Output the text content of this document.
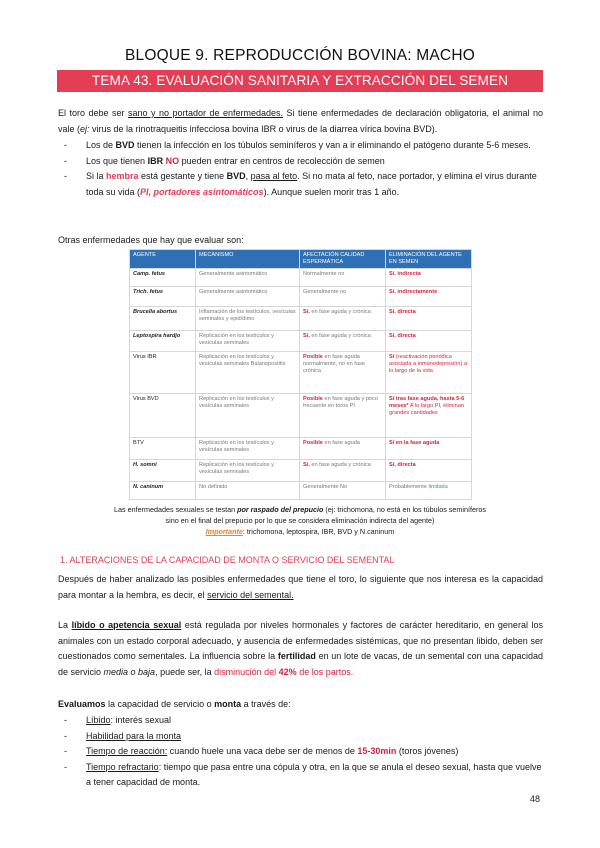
BLOQUE 9. REPRODUCCIÓN BOVINA: MACHO
TEMA 43. EVALUACIÓN SANITARIA Y EXTRACCIÓN DEL SEMEN
El toro debe ser sano y no portador de enfermedades. Si tiene enfermedades de declaración obligatoria, el animal no vale (ej: virus de la rinotraqueitis infecciosa bovina IBR o virus de la diarrea vírica bovina BVD).
- Los de BVD tienen la infección en los túbulos seminíferos y van a ir eliminando el patógeno durante 5-6 meses.
- Los que tienen IBR NO pueden entrar en centros de recolección de semen
- Si la hembra está gestante y tiene BVD, pasa al feto. Si no mata al feto, nace portador, y elimina el virus durante toda su vida (PI, portadores asintomáticos). Aunque suelen morir tras 1 año.
Otras enfermedades que hay que evaluar son:
AGENTE	MECANISMO	AFECTACIÓN CALIDAD ESPERMÁTICA	ELIMINACIÓN DEL AGENTE EN SEMEN
Camp. fetus	Generalmente asintomático	Normalmente no	Sí, indirecta
Trich. fetus	Generalmente asintomático	Generalmente no	Sí, indirectamente
Brucella abortus	Inflamación de los testículos, vesículas seminales y epidídimo	Sí, en fase aguda y crónica	Sí, directa
Leptospira hardjo	Replicación en los testículos y vesículas seminales	Sí, en fase aguda y crónica	Sí, directa
Virus IBR	Replicación en los testículos y vesículas seminales Balanopostitis	Posible en fase aguda normalmente, no en fase crónica	Sí (reactivación periódica asociada a inmunodepresión) a lo largo de la vida
Virus BVD	Replicación en los testículos y vesículas seminales	Posible en fase aguda y poco frecuente en toros PI	Sí tras fase aguda, hasta 5-6 meses* A lo largo PI, eliminan grandes cantidades
BTV	Replicación en los testículos y vesículas seminales	Posible en fase aguda	Sí en la fase aguda
H. somni	Replicación en los testículos y vesículas seminales	Sí, en fase aguda y crónica	Sí, directa
N. caninum	No definido	Generalmente No	Probablemente limitada
Las enfermedades sexuales se testan por raspado del prepucio (ej: trichomona, no está en los túbulos seminíferos
sino en el final del prepucio por lo que se considera eliminación indirecta del agente)
Importante: trichomona, leptospira, IBR, BVD y N.caninum
1. ALTERACIONES DE LA CAPACIDAD DE MONTA O SERVICIO DEL SEMENTAL
Después de haber analizado las posibles enfermedades que tiene el toro, lo siguiente que nos interesa es la capacidad para montar a la hembra, es decir, el servicio del semental.
La líbido o apetencia sexual está regulada por niveles hormonales y factores de carácter hereditario, en general los animales con un estado corporal adecuado, y ausencia de enfermedades sistémicas, que no presentan libido, deben ser cuestionados como sementales. La influencia sobre la fertilidad en un lote de vacas, de un semental con una capacidad de servicio media o baja, puede ser, la disminución del 42% de los partos.
Evaluamos la capacidad de servicio o monta a través de:
- Líbido: interés sexual
- Habilidad para la monta
- Tiempo de reacción: cuando huele una vaca debe ser de menos de 15-30min (toros jóvenes)
- Tiempo refractario: tiempo que pasa entre una cópula y otra, en la que se anula el deseo sexual, hasta que vuelve a tener capacidad de monta.
48
